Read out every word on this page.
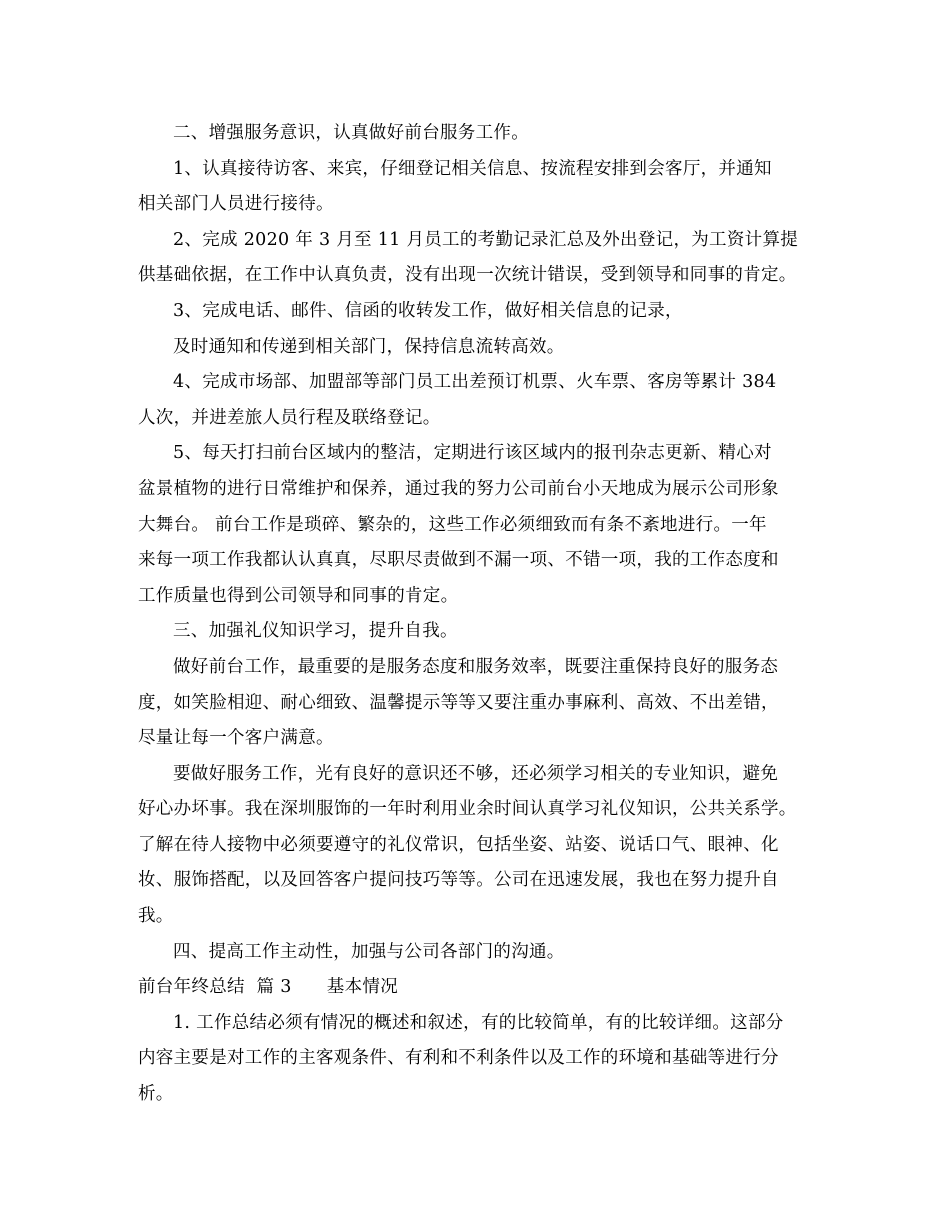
二、增强服务意识，认真做好前台服务工作。
1、认真接待访客、来宾，仔细登记相关信息、按流程安排到会客厅，并通知
相关部门人员进行接待。
2、完成 2020 年 3 月至 11 月员工的考勤记录汇总及外出登记，为工资计算提
供基础依据，在工作中认真负责，没有出现一次统计错误，受到领导和同事的肯定。
3、完成电话、邮件、信函的收转发工作，做好相关信息的记录，
及时通知和传递到相关部门，保持信息流转高效。
4、完成市场部、加盟部等部门员工出差预订机票、火车票、客房等累计 384
人次，并进差旅人员行程及联络登记。
5、每天打扫前台区域内的整洁，定期进行该区域内的报刊杂志更新、精心对
盆景植物的进行日常维护和保养，通过我的努力公司前台小天地成为展示公司形象
大舞台。 前台工作是琐碎、繁杂的，这些工作必须细致而有条不紊地进行。一年
来每一项工作我都认认真真，尽职尽责做到不漏一项、不错一项，我的工作态度和
工作质量也得到公司领导和同事的肯定。
三、加强礼仪知识学习，提升自我。
做好前台工作，最重要的是服务态度和服务效率，既要注重保持良好的服务态
度，如笑脸相迎、耐心细致、温馨提示等等又要注重办事麻利、高效、不出差错，
尽量让每一个客户满意。
要做好服务工作，光有良好的意识还不够，还必须学习相关的专业知识，避免
好心办坏事。我在深圳服饰的一年时利用业余时间认真学习礼仪知识，公共关系学。
了解在待人接物中必须要遵守的礼仪常识，包括坐姿、站姿、说话口气、眼神、化
妆、服饰搭配，以及回答客户提问技巧等等。公司在迅速发展，我也在努力提升自
我。
四、提高工作主动性，加强与公司各部门的沟通。
前台年终总结  篇 3      基本情况
1. 工作总结必须有情况的概述和叙述，有的比较简单，有的比较详细。这部分
内容主要是对工作的主客观条件、有利和不利条件以及工作的环境和基础等进行分
析。
